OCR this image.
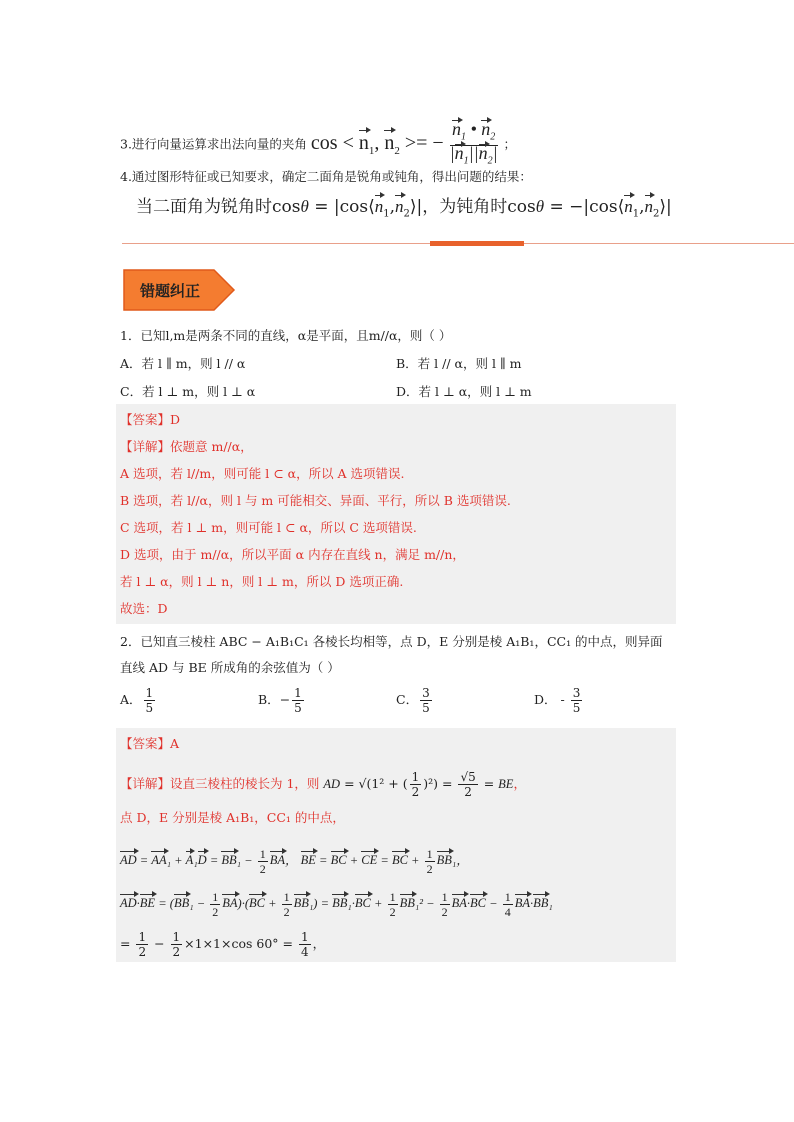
3.进行向量运算求出法向量的夹角 $\cos < n_1$, $n_2$ >= − $\frac{n_1 • n_2}{|n_1||n_2|}$ ；
4.通过图形特征或已知要求，确定二面角是锐角或钝角，得出问题的结果：
当二面角为锐角时$\cos\theta = |\cos⟨n_1,n_2⟩|$，为钝角时$\cos\theta = -|\cos⟨n_1,n_2⟩|$
错题纠正
1．已知l,m是两条不同的直线，α是平面，且m//α，则（ ）
A．若 l ∥ m，则 l // α	B．若 l // α，则 l ∥ m
C．若 l ⊥ m，则 l ⊥ α	D．若 l ⊥ α，则 l ⊥ m
【答案】D
【详解】依题意 m//α，
A 选项，若 l//m，则可能 l ⊂ α，所以 A 选项错误.
B 选项，若 l//α，则 l 与 m 可能相交、异面、平行，所以 B 选项错误.
C 选项，若 l ⊥ m，则可能 l ⊂ α，所以 C 选项错误.
D 选项，由于 m//α，所以平面 α 内存在直线 n，满足 m//n，
若 l ⊥ α，则 l ⊥ n，则 l ⊥ m，所以 D 选项正确.
故选：D
2．已知直三棱柱 ABC − A₁B₁C₁ 各棱长均相等，点 D，E 分别是棱 A₁B₁，CC₁ 的中点，则异面
直线 AD 与 BE 所成角的余弦值为（ ）
A． $\frac{1}{5}$	B．− $\frac{1}{5}$	C． $\frac{3}{5}$	D． - $\frac{3}{5}$
【答案】A
【详解】设直三棱柱的棱长为 1，则 AD = √(1² + ( $\frac{1}{2} )^2) = \frac{√5}{2}$ = BE，
点 D，E 分别是棱 A₁B₁，CC₁ 的中点，
AD = $AA_1 + A_1D = BB_1 - \frac{1}{2}$ BA， BE = BC + CE = BC + $\frac{1}{2} BB_1$，
$AD\cdot BE = (BB_1 - \frac{1}{2} BA)\cdot(BC + \frac{1}{2} BB_1) = BB_1\cdot BC + \frac{1}{2} BB_1^2 - \frac{1}{2} BA\cdot BC - \frac{1}{4} BA\cdot BB_1$
= $\frac{1}{2} - \frac{1}{2} \times 1\times 1\times\cos$ $60^\circ = \frac{1}{4}$ ，
